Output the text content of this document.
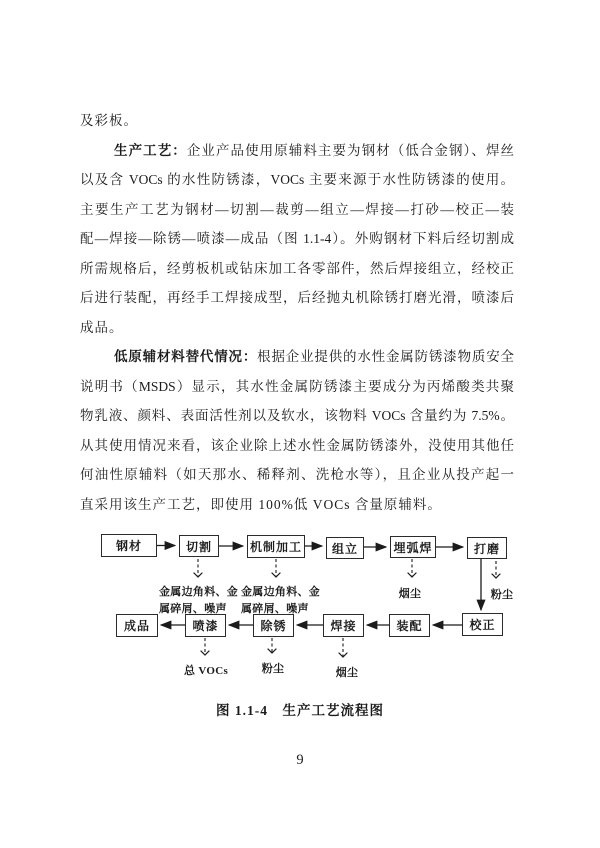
及彩板。
生产工艺：企业产品使用原辅料主要为钢材（低合金钢）、焊丝
以及含 VOCs 的水性防锈漆，VOCs 主要来源于水性防锈漆的使用。
主要生产工艺为钢材—切割—裁剪—组立—焊接—打砂—校正—装
配—焊接—除锈—喷漆—成品（图 1.1-4）。外购钢材下料后经切割成
所需规格后，经剪板机或钻床加工各零部件，然后焊接组立，经校正
后进行装配，再经手工焊接成型，后经抛丸机除锈打磨光滑，喷漆后
成品。
低原辅材料替代情况：根据企业提供的水性金属防锈漆物质安全
说明书（MSDS）显示，其水性金属防锈漆主要成分为丙烯酸类共聚
物乳液、颜料、表面活性剂以及软水，该物料 VOCs 含量约为 7.5%。
从其使用情况来看，该企业除上述水性金属防锈漆外，没使用其他任
何油性原辅料（如天那水、稀释剂、洗枪水等），且企业从投产起一
直采用该生产工艺，即使用 100%低 VOCs 含量原辅料。
钢材	切割	机制加工	组立	埋弧焊	打磨
成品	喷漆	除锈	焊接	装配	校正
金属边角料、金属碎屑、噪声
金属边角料、金属碎屑、噪声
烟尘	粉尘
总 VOCs	粉尘	烟尘
图 1.1-4　生产工艺流程图
9
